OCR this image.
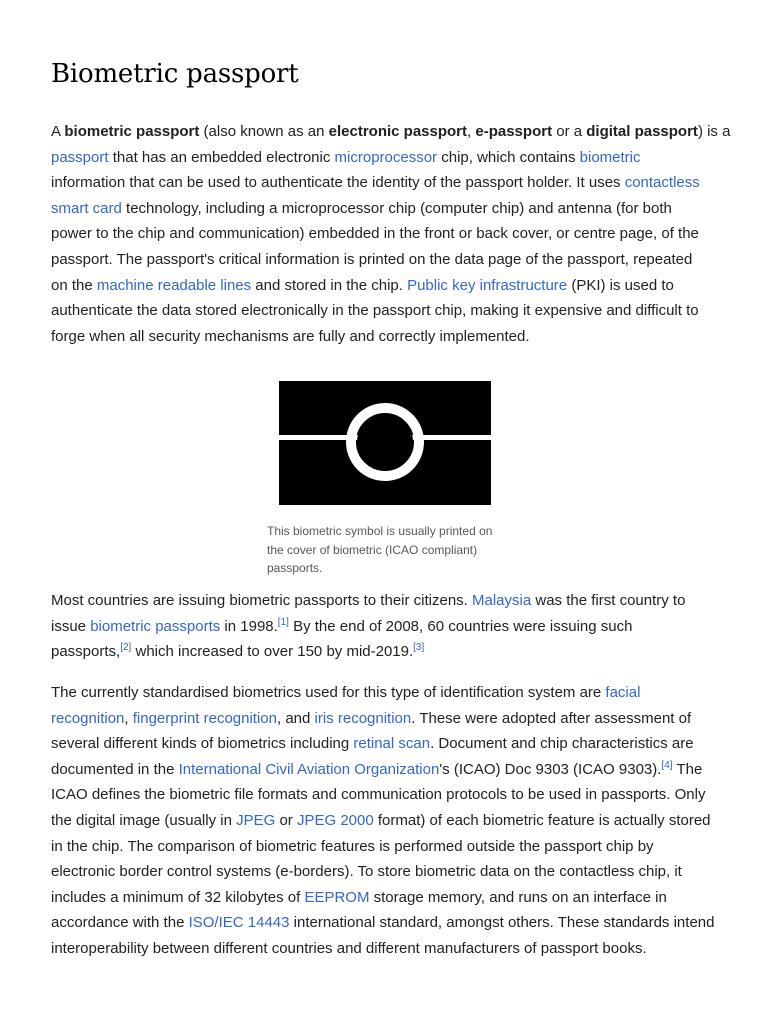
Biometric passport
A biometric passport (also known as an electronic passport, e-passport or a digital passport) is a
passport that has an embedded electronic microprocessor chip, which contains biometric
information that can be used to authenticate the identity of the passport holder. It uses contactless
smart card technology, including a microprocessor chip (computer chip) and antenna (for both
power to the chip and communication) embedded in the front or back cover, or centre page, of the
passport. The passport's critical information is printed on the data page of the passport, repeated
on the machine readable lines and stored in the chip. Public key infrastructure (PKI) is used to
authenticate the data stored electronically in the passport chip, making it expensive and difficult to
forge when all security mechanisms are fully and correctly implemented.
This biometric symbol is usually printed on
the cover of biometric (ICAO compliant)
passports.
Most countries are issuing biometric passports to their citizens. Malaysia was the first country to
issue biometric passports in 1998.[1] By the end of 2008, 60 countries were issuing such
passports,[2] which increased to over 150 by mid-2019.[3]
The currently standardised biometrics used for this type of identification system are facial
recognition, fingerprint recognition, and iris recognition. These were adopted after assessment of
several different kinds of biometrics including retinal scan. Document and chip characteristics are
documented in the International Civil Aviation Organization's (ICAO) Doc 9303 (ICAO 9303).[4] The
ICAO defines the biometric file formats and communication protocols to be used in passports. Only
the digital image (usually in JPEG or JPEG 2000 format) of each biometric feature is actually stored
in the chip. The comparison of biometric features is performed outside the passport chip by
electronic border control systems (e-borders). To store biometric data on the contactless chip, it
includes a minimum of 32 kilobytes of EEPROM storage memory, and runs on an interface in
accordance with the ISO/IEC 14443 international standard, amongst others. These standards intend
interoperability between different countries and different manufacturers of passport books.
